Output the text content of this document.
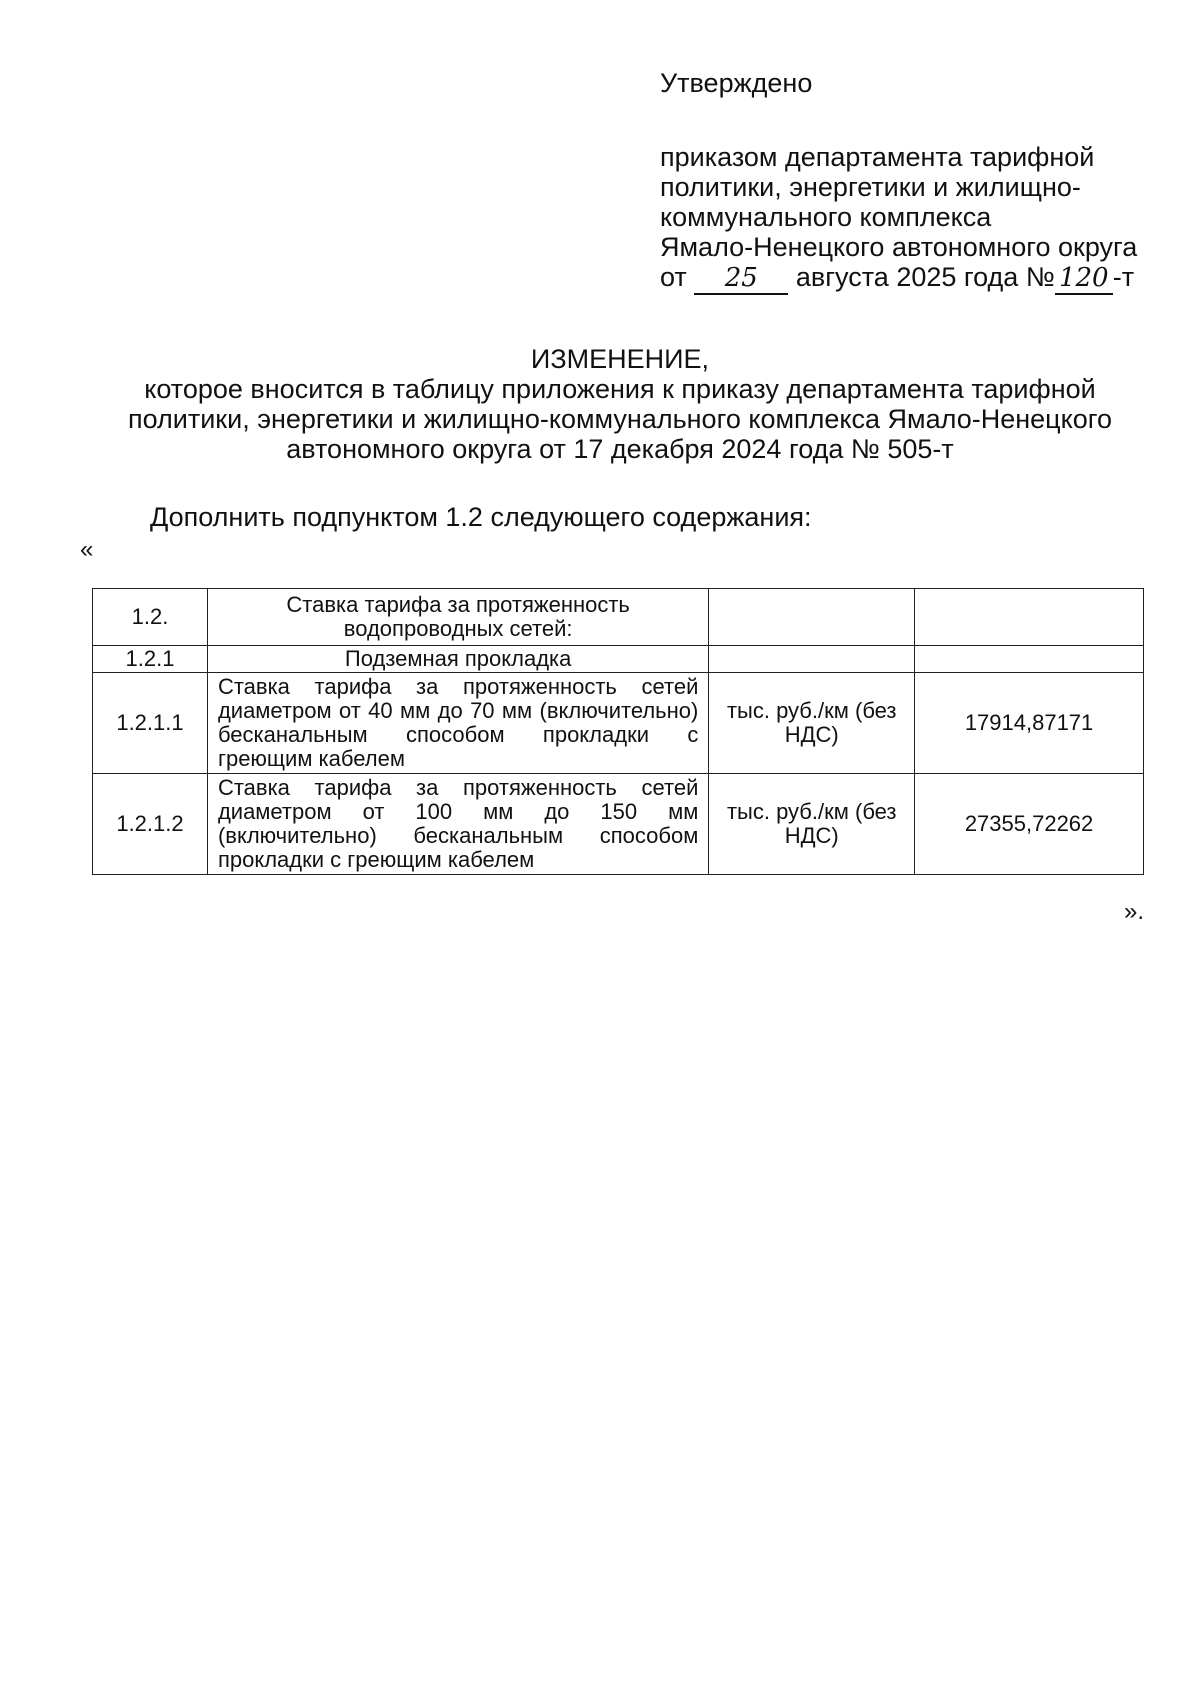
Утверждено
приказом департамента тарифной
политики, энергетики и жилищно-
коммунального комплекса
Ямало-Ненецкого автономного округа
от 25 августа 2025 года № 120 -т
ИЗМЕНЕНИЕ,
которое вносится в таблицу приложения к приказу департамента тарифной
политики, энергетики и жилищно-коммунального комплекса Ямало-Ненецкого
автономного округа от 17 декабря 2024 года № 505-т
Дополнить подпунктом 1.2 следующего содержания:
«
1.2.	Ставка тарифа за протяженность водопроводных сетей:		
1.2.1	Подземная прокладка		
1.2.1.1	Ставка тарифа за протяженность сетей диаметром от 40 мм до 70 мм (включительно) бесканальным способом прокладки с греющим кабелем	тыс. руб./км (без НДС)	17914,87171
1.2.1.2	Ставка тарифа за протяженность сетей диаметром от 100 мм до 150 мм (включительно) бесканальным способом прокладки с греющим кабелем	тыс. руб./км (без НДС)	27355,72262
».
